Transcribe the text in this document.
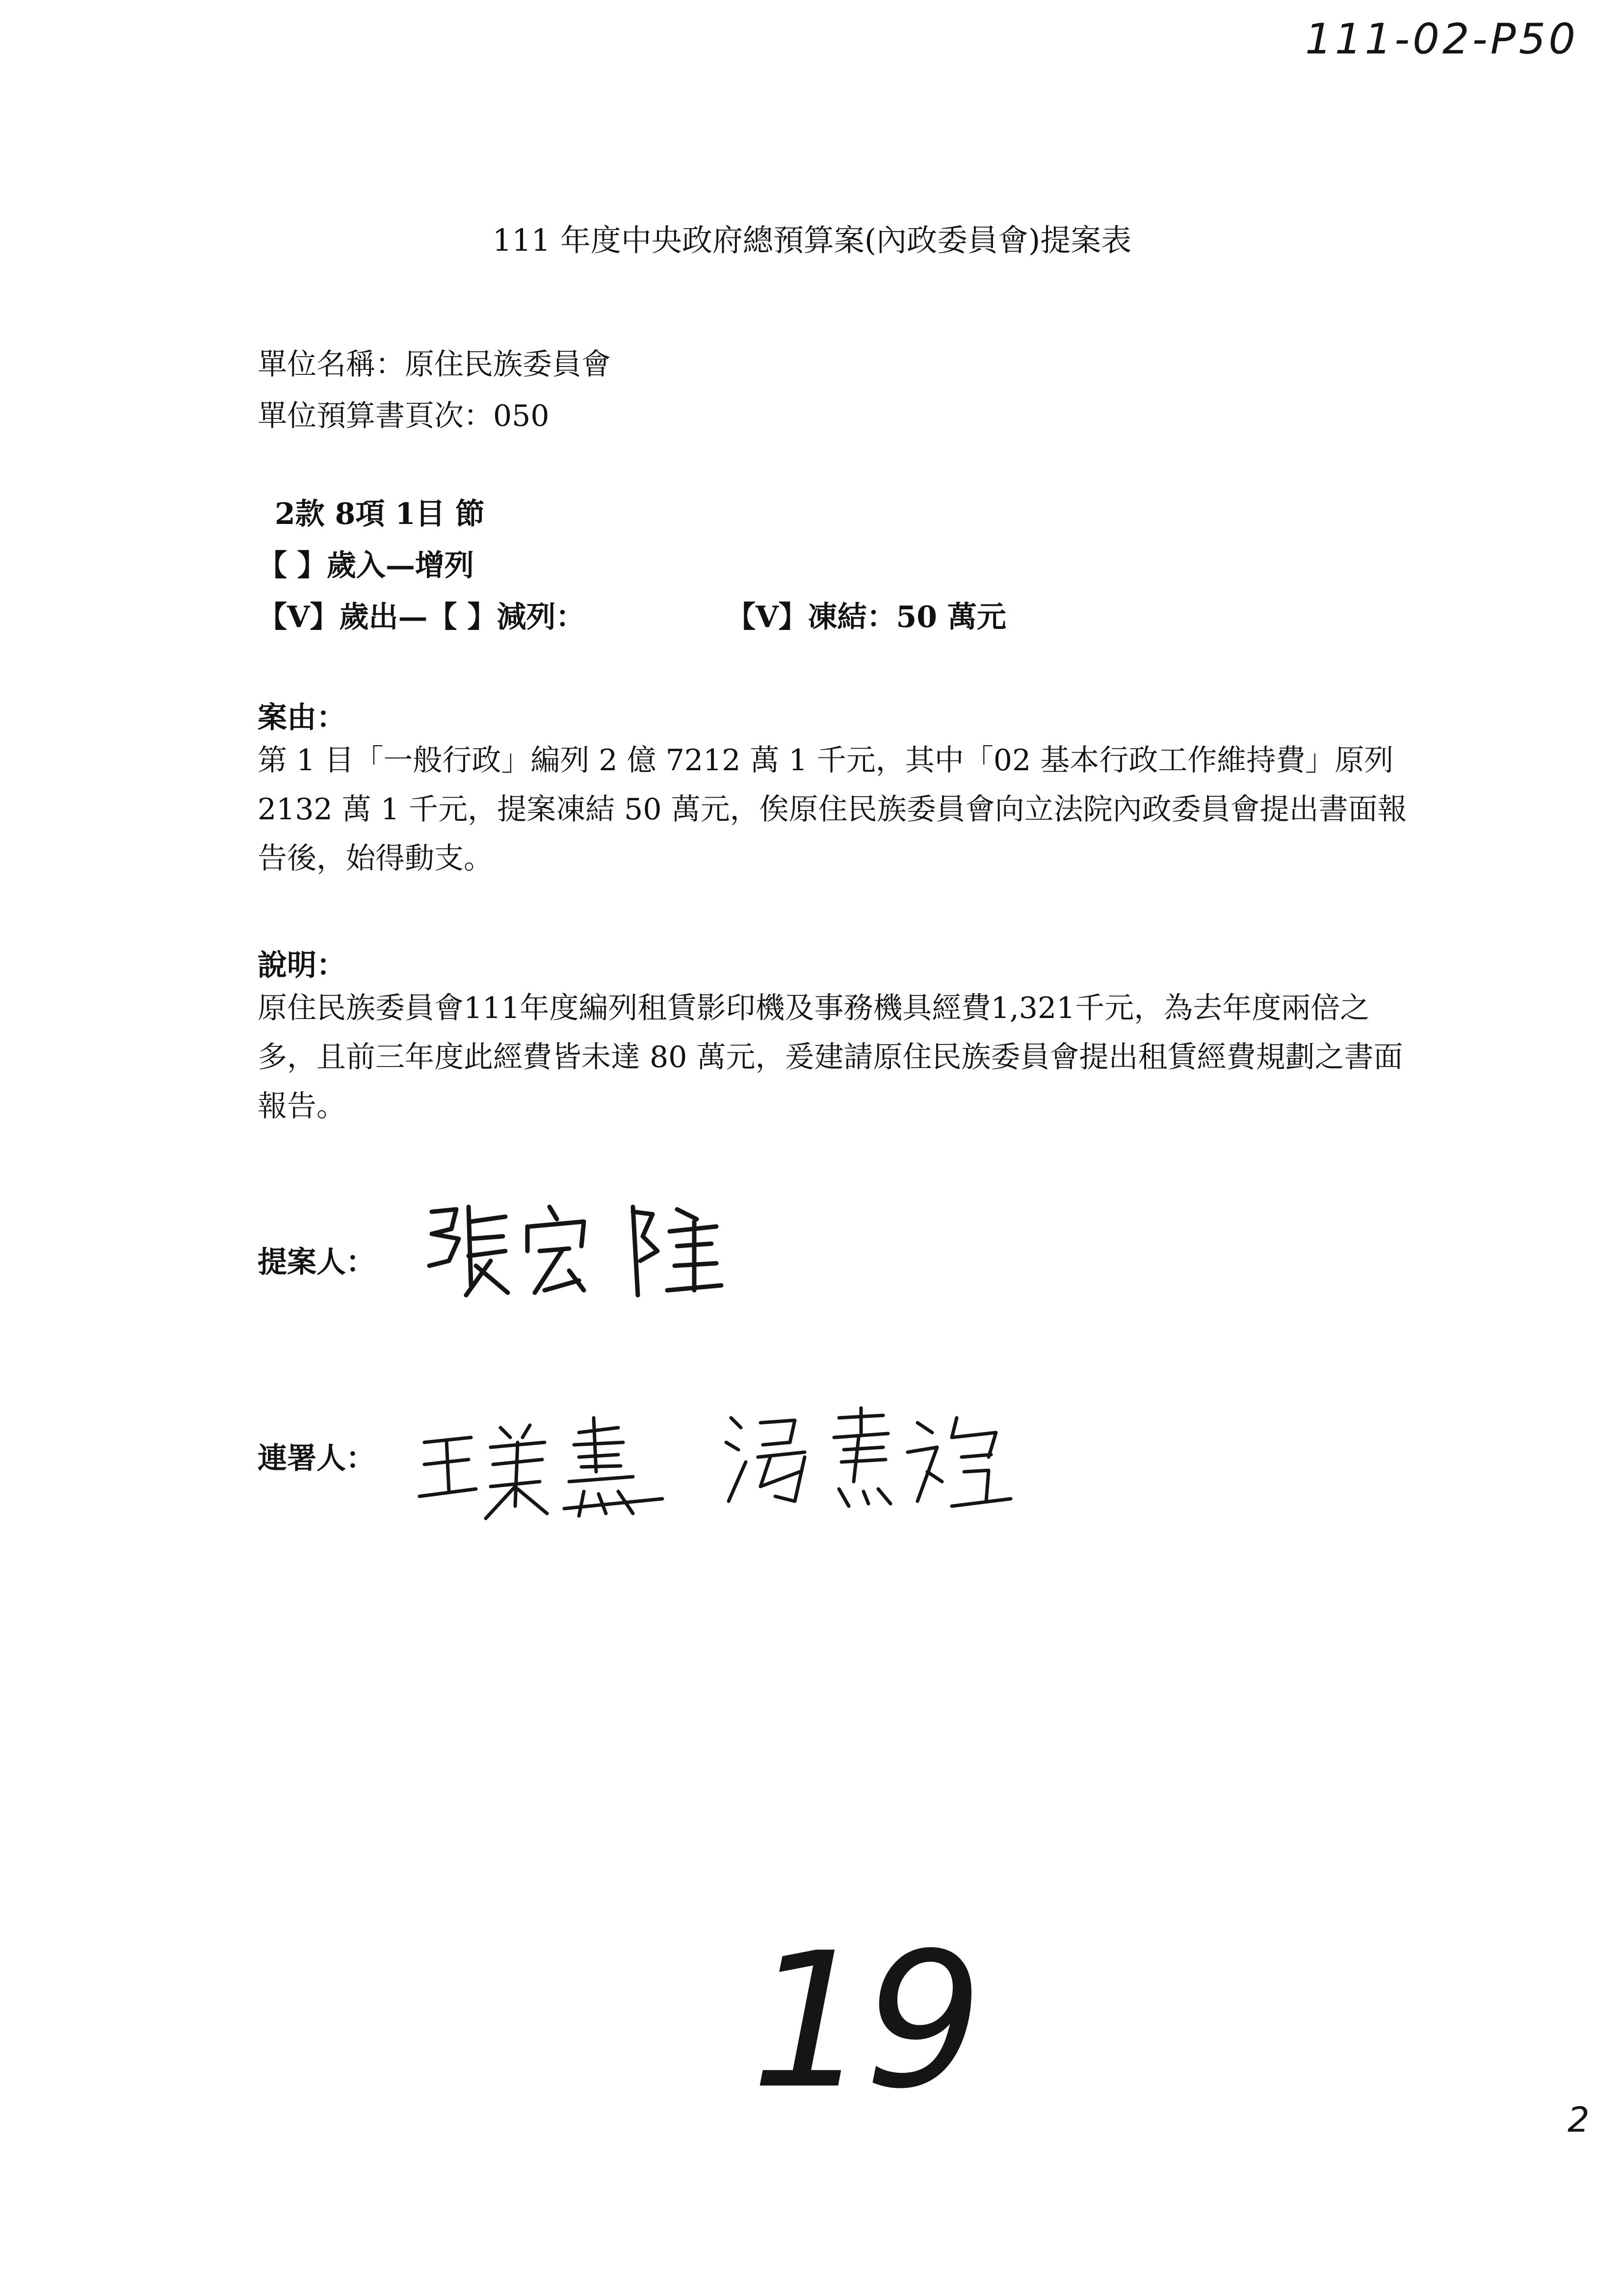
111-02-P50
111 年度中央政府總預算案(內政委員會)提案表
單位名稱：原住民族委員會
單位預算書頁次：050
2款 8項 1目 節
【 】歲入—增列
【V】歲出—【 】減列：	【V】凍結：50 萬元
案由：
第 1 目「一般行政」編列 2 億 7212 萬 1 千元，其中「02 基本行政工作維持費」原列 2132 萬 1 千元，提案凍結 50 萬元，俟原住民族委員會向立法院內政委員會提出書面報告後，始得動支。
說明：
原住民族委員會111年度編列租賃影印機及事務機具經費1,321千元，為去年度兩倍之多，且前三年度此經費皆未達 80 萬元，爰建請原住民族委員會提出租賃經費規劃之書面報告。
提案人：
連署人：
19	2
